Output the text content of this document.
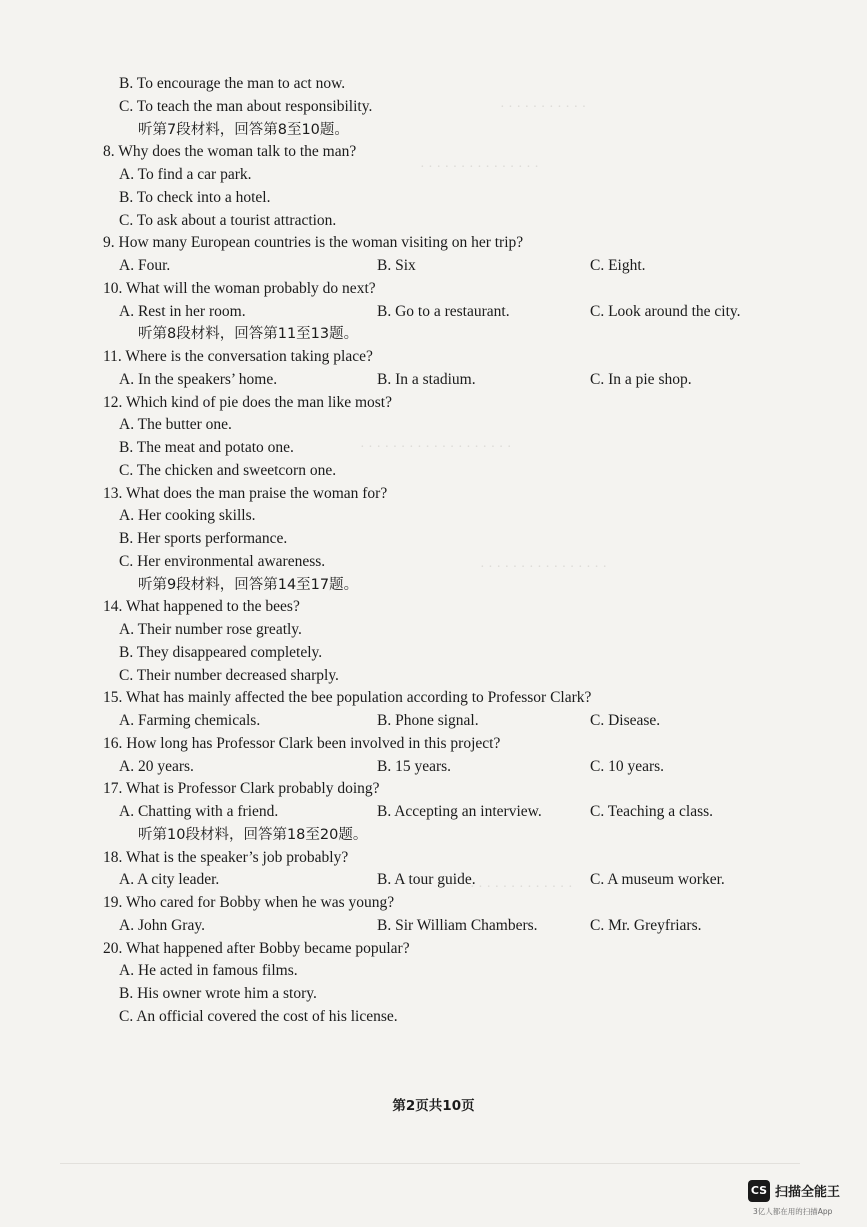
· · · · · · · · · · ·
· · · · · · · · · · · · · · ·
· · · · · · · · · · · · · · · · · · ·
· · · · · · · · · · · · · · · ·
· · · · · · · · · · · · ·
B. To encourage the man to act now.
C. To teach the man about responsibility.
听第7段材料，回答第8至10题。
8. Why does the woman talk to the man?
A. To find a car park.
B. To check into a hotel.
C. To ask about a tourist attraction.
9. How many European countries is the woman visiting on her trip?
A. Four.	B. Six	C. Eight.
10. What will the woman probably do next?
A. Rest in her room.	B. Go to a restaurant.	C. Look around the city.
听第8段材料，回答第11至13题。
11. Where is the conversation taking place?
A. In the speakers’ home.	B. In a stadium.	C. In a pie shop.
12. Which kind of pie does the man like most?
A. The butter one.
B. The meat and potato one.
C. The chicken and sweetcorn one.
13. What does the man praise the woman for?
A. Her cooking skills.
B. Her sports performance.
C. Her environmental awareness.
听第9段材料，回答第14至17题。
14. What happened to the bees?
A. Their number rose greatly.
B. They disappeared completely.
C. Their number decreased sharply.
15. What has mainly affected the bee population according to Professor Clark?
A. Farming chemicals.	B. Phone signal.	C. Disease.
16. How long has Professor Clark been involved in this project?
A. 20 years.	B. 15 years.	C. 10 years.
17. What is Professor Clark probably doing?
A. Chatting with a friend.	B. Accepting an interview.	C. Teaching a class.
听第10段材料，回答第18至20题。
18. What is the speaker’s job probably?
A. A city leader.	B. A tour guide.	C. A museum worker.
19. Who cared for Bobby when he was young?
A. John Gray.	B. Sir William Chambers.	C. Mr. Greyfriars.
20. What happened after Bobby became popular?
A. He acted in famous films.
B. His owner wrote him a story.
C. An official covered the cost of his license.
第2页共10页
CS 扫描全能王
3亿人都在用的扫描App
